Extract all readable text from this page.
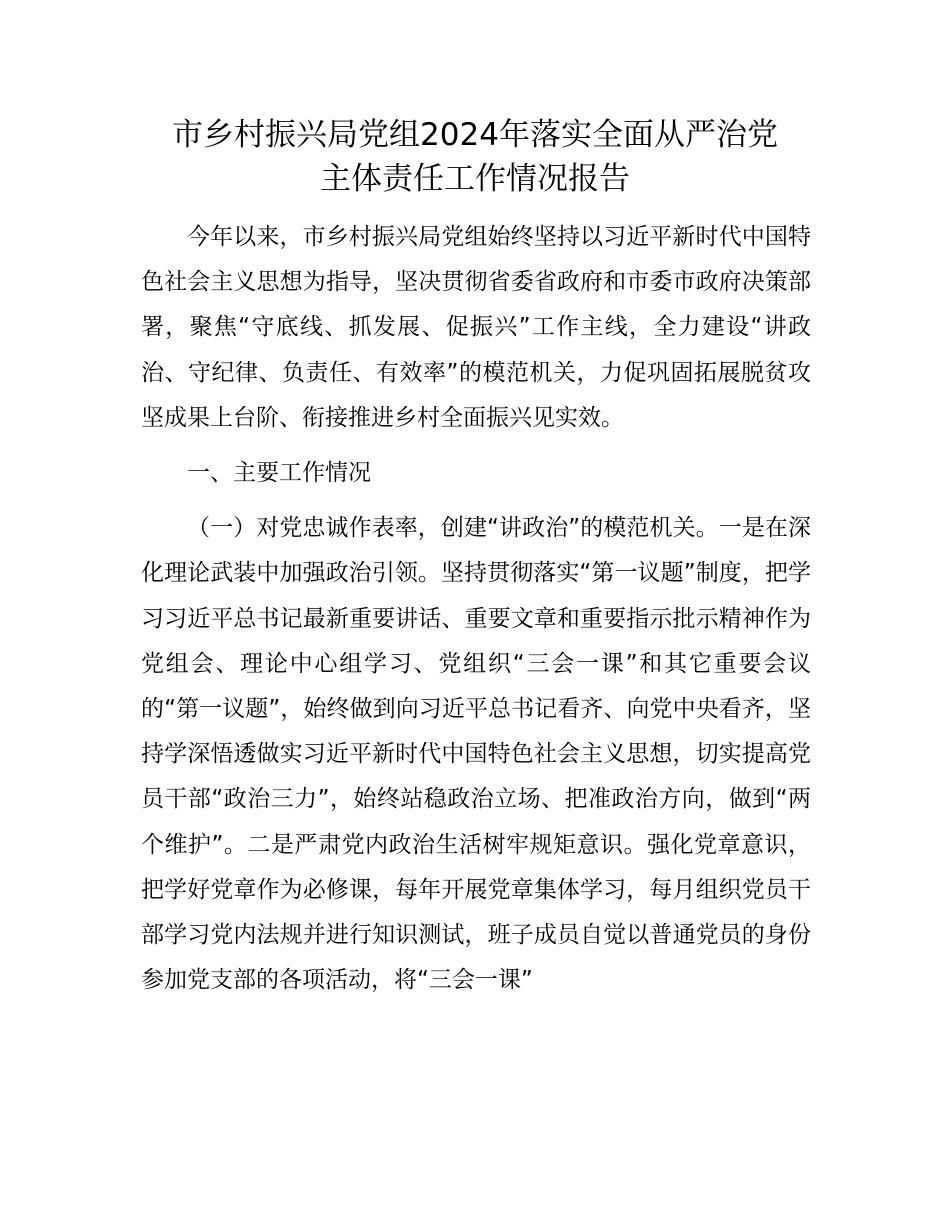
市乡村振兴局党组2024年落实全面从严治党
主体责任工作情况报告

今年以来，市乡村振兴局党组始终坚持以习近平新时代中国特色社会主义思想为指导，坚决贯彻省委省政府和市委市政府决策部署，聚焦“守底线、抓发展、促振兴”工作主线，全力建设“讲政治、守纪律、负责任、有效率”的模范机关，力促巩固拓展脱贫攻坚成果上台阶、衔接推进乡村全面振兴见实效。

一、主要工作情况

（一）对党忠诚作表率，创建“讲政治”的模范机关。一是在深化理论武装中加强政治引领。坚持贯彻落实“第一议题”制度，把学习习近平总书记最新重要讲话、重要文章和重要指示批示精神作为党组会、理论中心组学习、党组织“三会一课”和其它重要会议的“第一议题”，始终做到向习近平总书记看齐、向党中央看齐，坚持学深悟透做实习近平新时代中国特色社会主义思想，切实提高党员干部“政治三力”，始终站稳政治立场、把准政治方向，做到“两个维护”。二是严肃党内政治生活树牢规矩意识。强化党章意识，把学好党章作为必修课，每年开展党章集体学习，每月组织党员干部学习党内法规并进行知识测试，班子成员自觉以普通党员的身份参加党支部的各项活动，将“三会一课”
